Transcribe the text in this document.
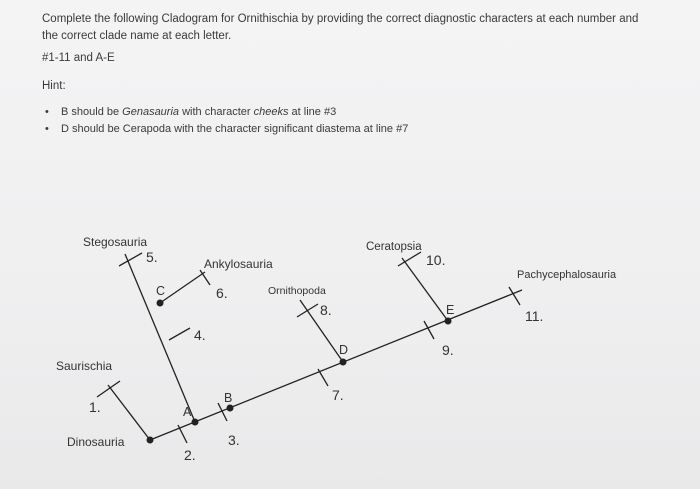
Complete the following Cladogram for Ornithischia by providing the correct diagnostic characters at each number and the correct clade name at each letter.
#1-11 and A-E
Hint:
• B should be Genasauria with character cheeks at line #3
• D should be Cerapoda with the character significant diastema at line #7
Stegosauria
Ankylosauria
Ornithopoda
Ceratopsia
Pachycephalosauria
Saurischia
Dinosauria
1.
2.
3.
4.
5.
6.
7.
8.
9.
10.
11.
A
B
C
D
E
